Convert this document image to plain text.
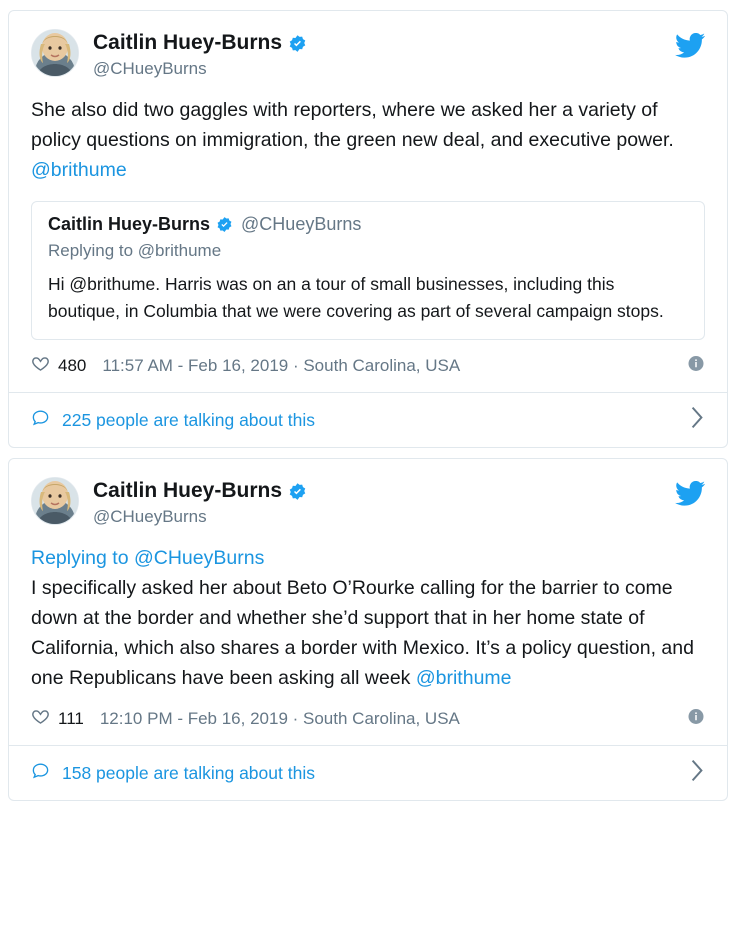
Caitlin Huey-Burns
@CHueyBurns
She also did two gaggles with reporters, where we asked her a variety of policy questions on immigration, the green new deal, and executive power. @brithume
Caitlin Huey-Burns @CHueyBurns
Replying to @brithume
Hi @brithume. Harris was on an a tour of small businesses, including this boutique, in Columbia that we were covering as part of several campaign stops.
480 11:57 AM - Feb 16, 2019 · South Carolina, USA
225 people are talking about this
Caitlin Huey-Burns
@CHueyBurns
Replying to @CHueyBurns
I specifically asked her about Beto O’Rourke calling for the barrier to come down at the border and whether she’d support that in her home state of California, which also shares a border with Mexico. It’s a policy question, and one Republicans have been asking all week @brithume
111 12:10 PM - Feb 16, 2019 · South Carolina, USA
158 people are talking about this
